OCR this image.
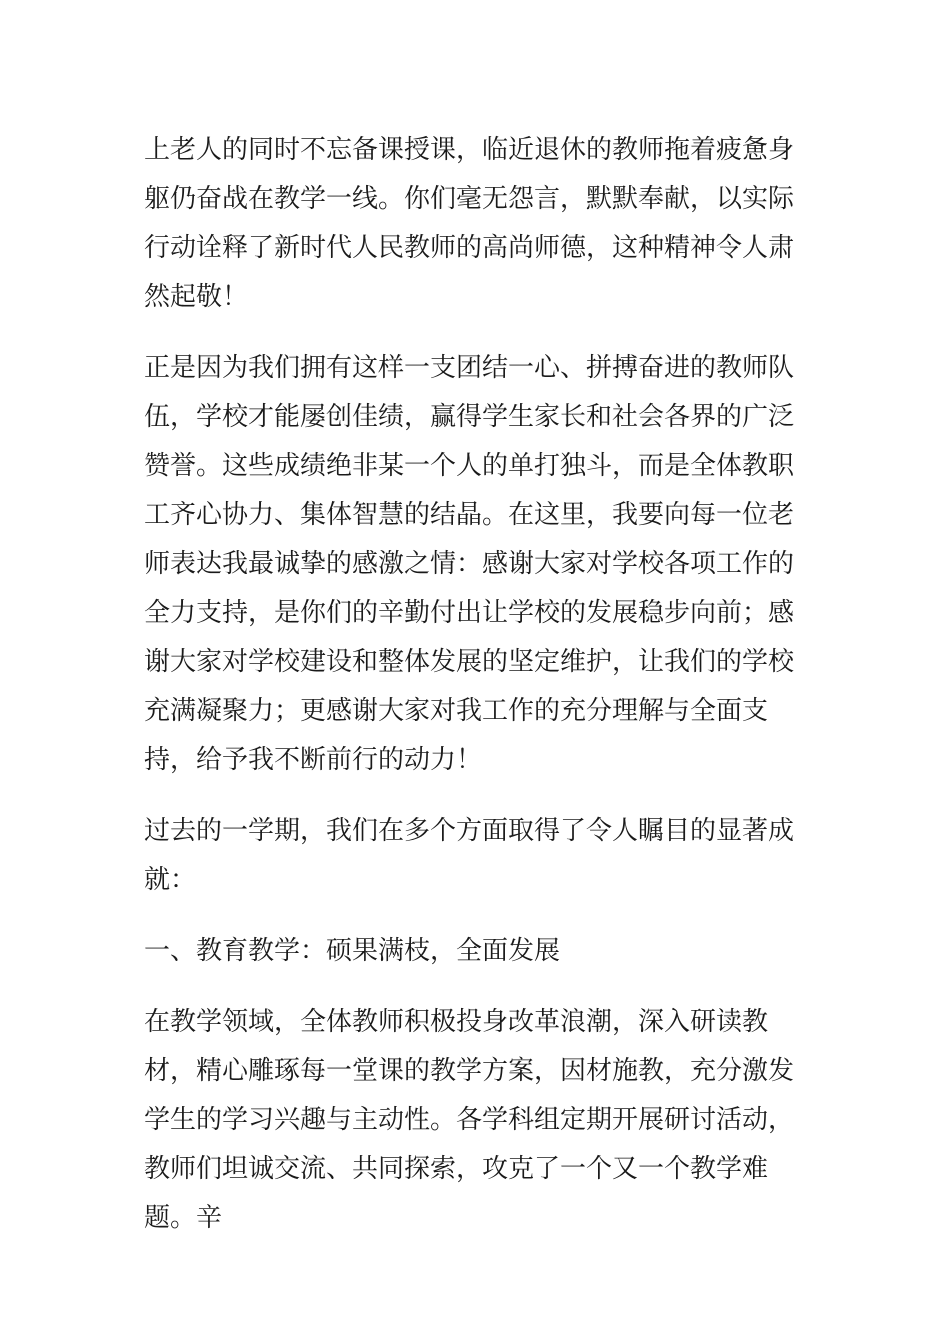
上老人的同时不忘备课授课，临近退休的教师拖着疲惫身躯仍奋战在教学一线。你们毫无怨言，默默奉献，以实际行动诠释了新时代人民教师的高尚师德，这种精神令人肃然起敬！

正是因为我们拥有这样一支团结一心、拼搏奋进的教师队伍，学校才能屡创佳绩，赢得学生家长和社会各界的广泛赞誉。这些成绩绝非某一个人的单打独斗，而是全体教职工齐心协力、集体智慧的结晶。在这里，我要向每一位老师表达我最诚挚的感激之情：感谢大家对学校各项工作的全力支持，是你们的辛勤付出让学校的发展稳步向前；感谢大家对学校建设和整体发展的坚定维护，让我们的学校充满凝聚力；更感谢大家对我工作的充分理解与全面支持，给予我不断前行的动力！

过去的一学期，我们在多个方面取得了令人瞩目的显著成就：

一、教育教学：硕果满枝，全面发展

在教学领域，全体教师积极投身改革浪潮，深入研读教材，精心雕琢每一堂课的教学方案，因材施教，充分激发学生的学习兴趣与主动性。各学科组定期开展研讨活动，教师们坦诚交流、共同探索，攻克了一个又一个教学难题。辛
